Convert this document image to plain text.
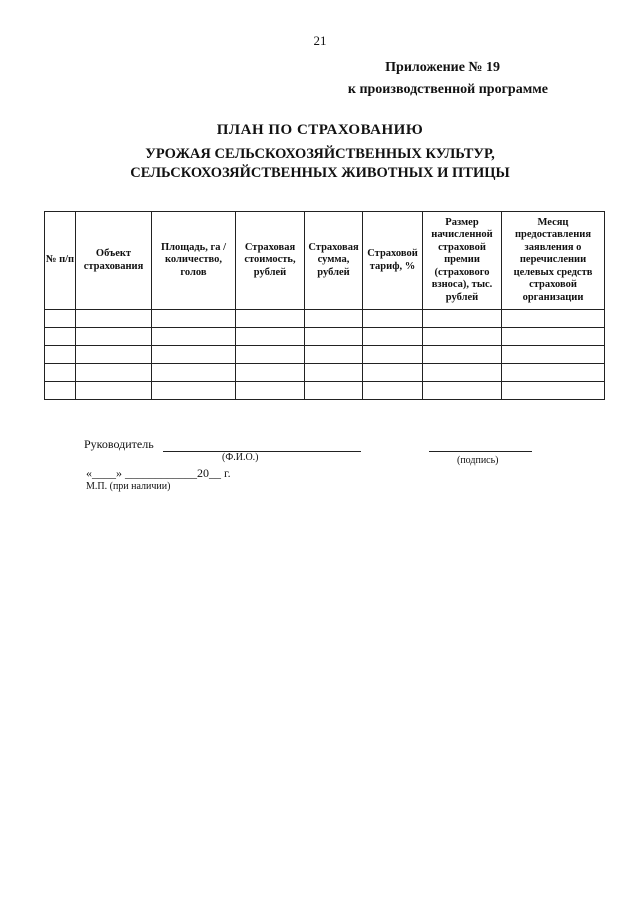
21
Приложение № 19
к производственной программе
ПЛАН ПО СТРАХОВАНИЮ
УРОЖАЯ СЕЛЬСКОХОЗЯЙСТВЕННЫХ КУЛЬТУР,
СЕЛЬСКОХОЗЯЙСТВЕННЫХ ЖИВОТНЫХ И ПТИЦЫ
№ п/п	Объект страхования	Площадь, га / количество, голов	Страховая стоимость, рублей	Страховая сумма, рублей	Страховой тариф, %	Размер начисленной страховой премии (страхового взноса), тыс. рублей	Месяц предоставления заявления о перечислении целевых средств страховой организации

Руководитель
(Ф.И.О.)	(подпись)
«____» ____________20__ г.
М.П. (при наличии)
